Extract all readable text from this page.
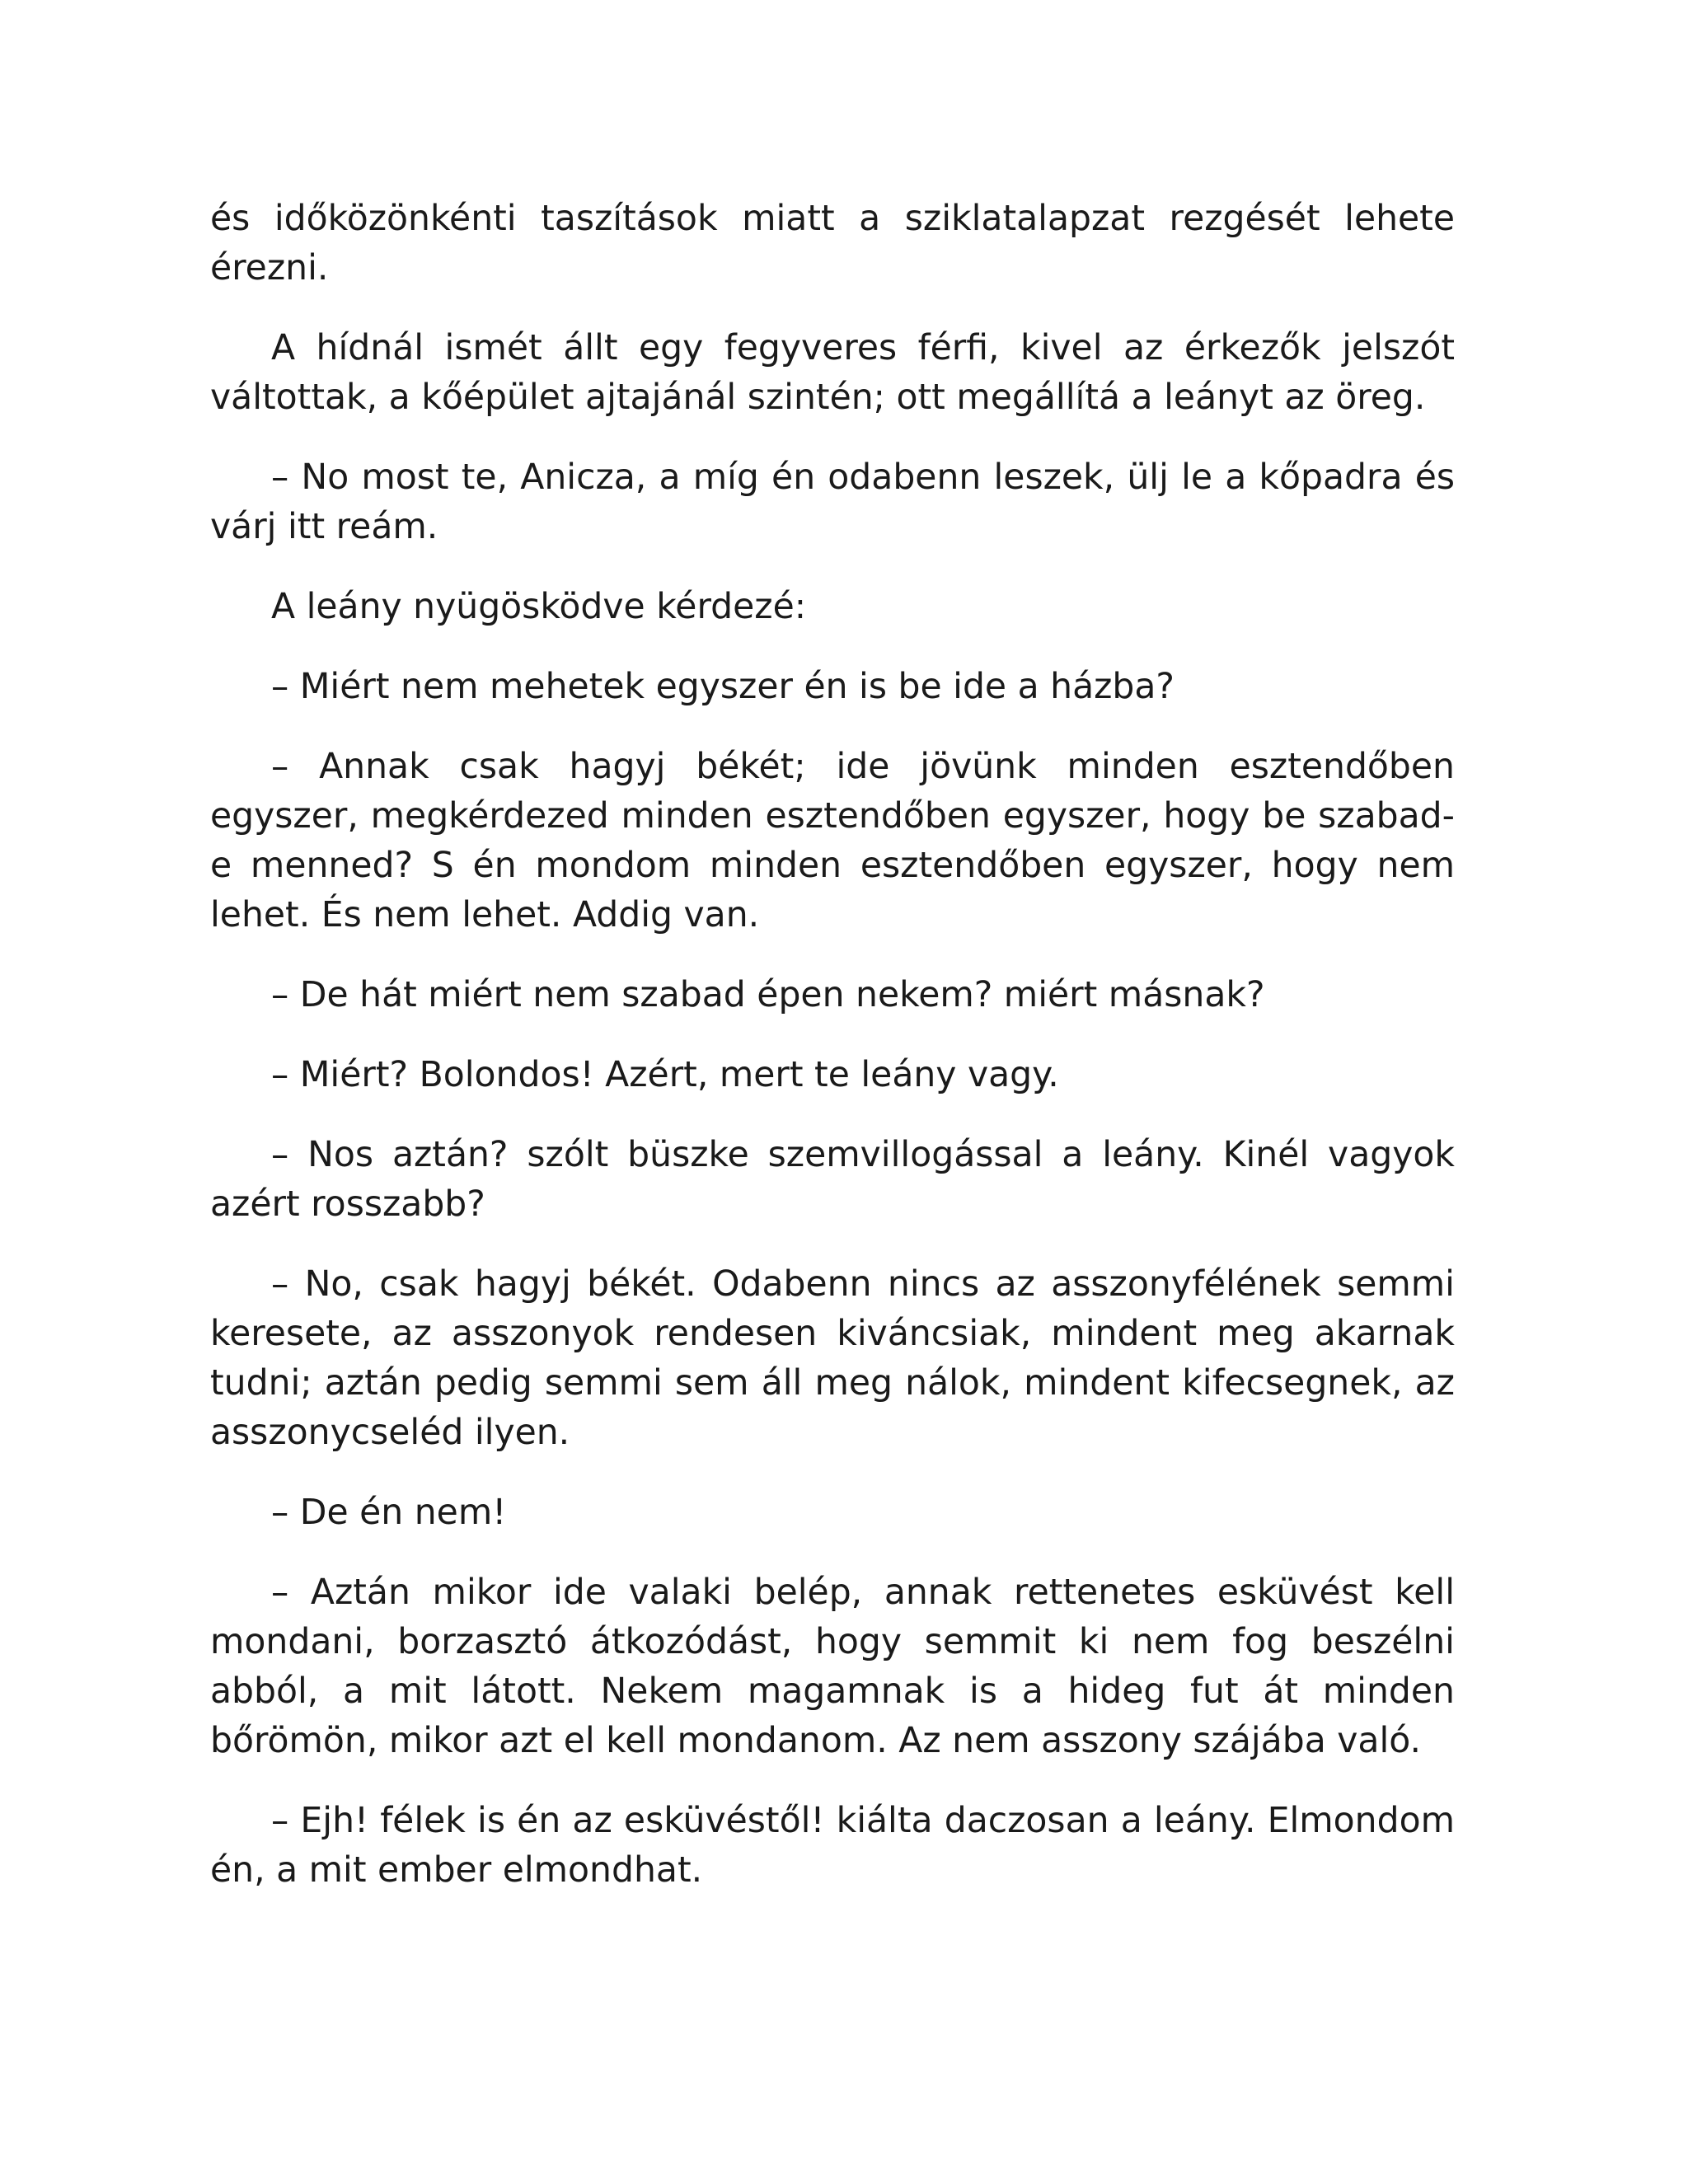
és időközönkénti taszítások miatt a sziklatalapzat rezgését lehete érezni.

A hídnál ismét állt egy fegyveres férfi, kivel az érkezők jelszót váltottak, a kőépület ajtajánál szintén; ott megállítá a leányt az öreg.

– No most te, Anicza, a míg én odabenn leszek, ülj le a kőpadra és várj itt reám.

A leány nyügösködve kérdezé:

– Miért nem mehetek egyszer én is be ide a házba?

– Annak csak hagyj békét; ide jövünk minden esztendőben egyszer, megkérdezed minden esztendőben egyszer, hogy be szabad-e menned? S én mondom minden esztendőben egyszer, hogy nem lehet. És nem lehet. Addig van.

– De hát miért nem szabad épen nekem? miért másnak?

– Miért? Bolondos! Azért, mert te leány vagy.

– Nos aztán? szólt büszke szemvillogással a leány. Kinél vagyok azért rosszabb?

– No, csak hagyj békét. Odabenn nincs az asszonyfélének semmi keresete, az asszonyok rendesen kiváncsiak, mindent meg akarnak tudni; aztán pedig semmi sem áll meg nálok, mindent kifecsegnek, az asszonycseléd ilyen.

– De én nem!

– Aztán mikor ide valaki belép, annak rettenetes esküvést kell mondani, borzasztó átkozódást, hogy semmit ki nem fog beszélni abból, a mit látott. Nekem magamnak is a hideg fut át minden bőrömön, mikor azt el kell mondanom. Az nem asszony szájába való.

– Ejh! félek is én az esküvéstől! kiálta daczosan a leány. Elmondom én, a mit ember elmondhat.
